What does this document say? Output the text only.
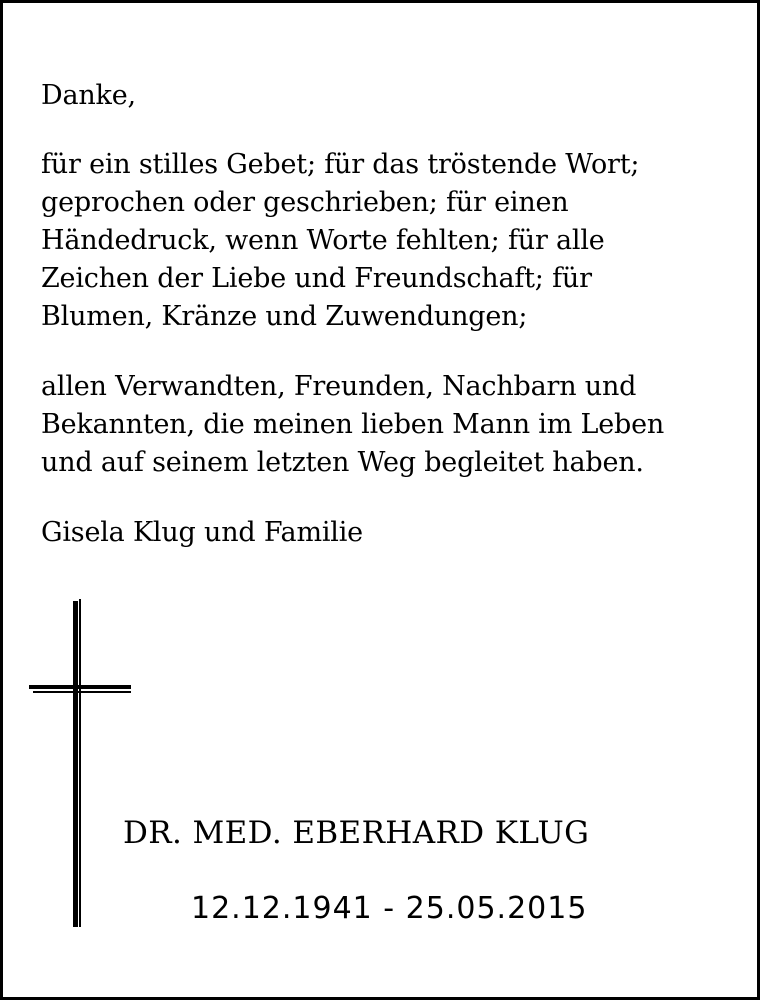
Danke,
für ein stilles Gebet; für das tröstende Wort;
geprochen oder geschrieben; für einen
Händedruck, wenn Worte fehlten; für alle
Zeichen der Liebe und Freundschaft; für
Blumen, Kränze und Zuwendungen;
allen Verwandten, Freunden, Nachbarn und
Bekannten, die meinen lieben Mann im Leben
und auf seinem letzten Weg begleitet haben.
Gisela Klug und Familie
DR. MED. EBERHARD KLUG
12.12.1941 - 25.05.2015
